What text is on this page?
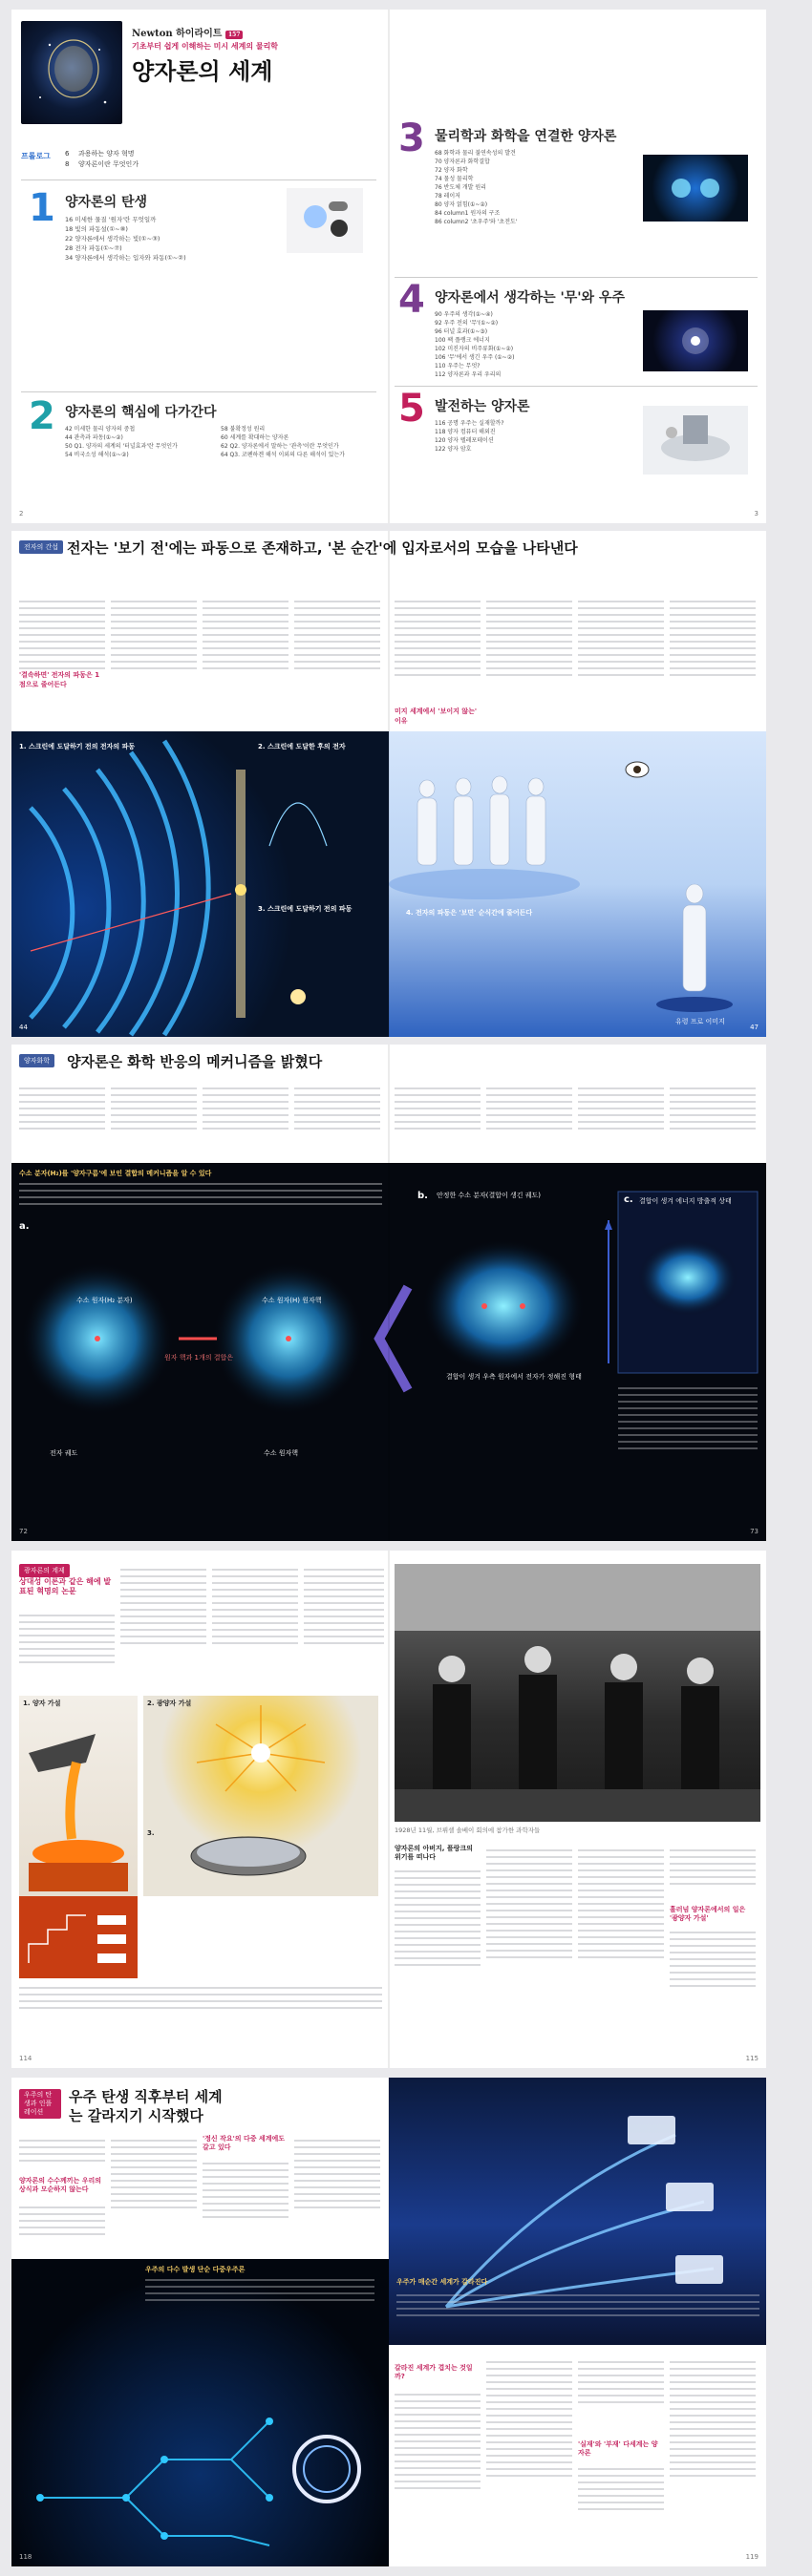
Newton 하이라이트 157
기초부터 쉽게 이해하는 미시 세계의 물리학
양자론의 세계
프롤로그 6 과용하는 양자 혁명
8 양자론이란 무엇인가
1 양자론의 탄생
16 미세한 물질 '원자'란 무엇일까
18 빛의 파동설(①~⑧)
22 양자론에서 생각하는 빛(①~③)
28 전자 파동(①~⑦)
34 양자론에서 생각하는 입자와 파동(①~②)
2 양자론의 핵심에 다가간다
42 미세한 물리 양자의 중첩
44 관측과 파동(①~②)
50 Q1. 양자의 세계의 '터널효과'란 무엇인가
54 비국소성 해석(①~②)
58 불확정성 원리
60 세계를 확대하는 양자론
62 Q2. 양자론에서 말하는 '관측'이란 무엇인가
64 Q3. 코펜하겐 해석 이외의 다른 해석이 있는가
2
3 물리학과 화학을 연결한 양자론
68 화학과 물리 불연속성의 발견
70 양자론과 화학결합
72 양자 화학
74 물성 물리학
76 반도체 개발 원리
78 레이저
80 양자 얽힘(①~②)
84 column1 원자의 구조
86 column2 '초우주'와 '초전도'
4 양자론에서 생각하는 '무'와 우주
90 우주의 생각(①~④)
92 우주 전의 '무'(①~②)
96 터널 효과(①~③)
100 팩 플랭크 에너지
102 미진자의 비주류화(①~②)
106 '무'에서 생긴 우주 (①~②)
110 우주는 무엇?
112 양자론과 우리 우리의
5 발전하는 양자론
116 공명 우주는 실재할까?
118 양자 컴퓨터 해외진
120 양자 텔레포테이션
122 양자 암호
3
전자의 간섭 전자는 '보기 전'에는 파동으로 존재하고, '본 순간'에 입자로서의 모습을 나타낸다
'결속하면' 전자의 파동은 1점으로 줄어든다
1. 스크린에 도달하기 전의 전자의 파동	2. 스크린에 도달한 후의 전자
3. 스크린에 도달하기 전의 파동
44
미지 세계에서 '보이지 않는' 이유
4. 전자의 파동은 '보면' 순식간에 줄어든다
유령 프로 이미지
47
양자화학	양자론은 화학 반응의 메커니즘을 밝혔다
수소 분자(H₂)를 '양자구름'에 보인 결합의 메커니즘을 알 수 있다
a.
수소 원자(H₂ 분자)	수소 원자(H) 원자핵
원자 핵과 1개의 결합은
전자 궤도	수소 원자핵
72
b. 안정한 수소 분자(결합이 생긴 궤도)
결합이 생겨 우측 원자에서 전자가 정해진 형태
c. 결합이 생겨 에너지 방출적 상태
73
광자론의 계제
상대성 이론과 같은 해에 발표된 혁명의 논문
1. 양자 가설	2. 광양자 가설
3.
114
1928년 11월, 브뤼셀 솔베이 회의에 참가한 과학자들
양자론의 아버지, 플랑크의 위기를 떠나다
흘러넘 양자론에서의 일은 '광양자 가설'
115
우주의 탄생과 인플레이션
우주 탄생 직후부터 세계는 갈라지기 시작했다
양자론의 수수께끼는 우리의 상식과 모순하지 않는다
'정신 작요'의 다중 세계에도 갈고 있다
우주의 다수 발생 단순 다중우주론
118
우주가 매순간 세계가 갈라진다
갈라진 세계가 겹치는 것일까?
'실재'와 '부재' 다세계는 양자론
119
